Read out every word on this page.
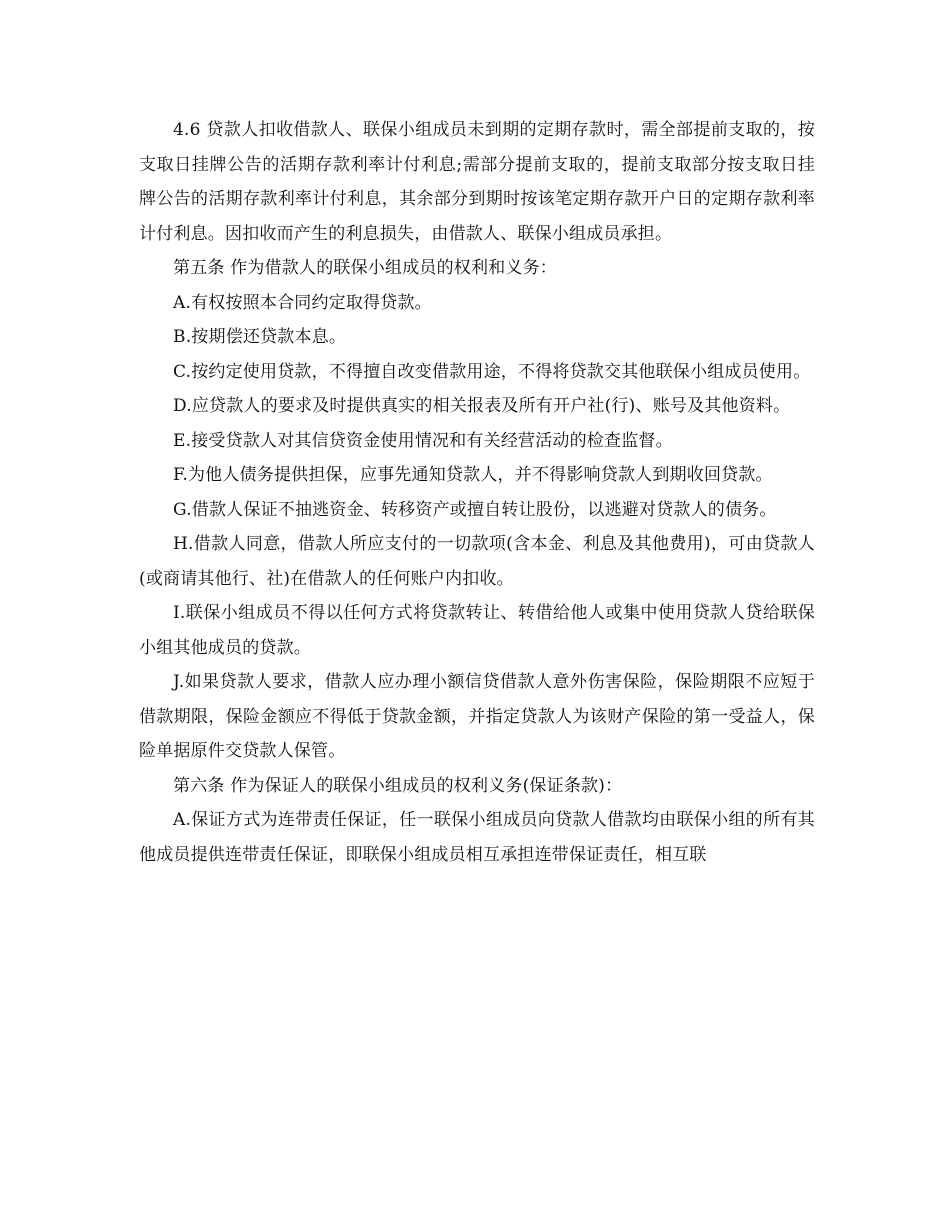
4.6 贷款人扣收借款人、联保小组成员未到期的定期存款时，需全部提前支取的，按支取日挂牌公告的活期存款利率计付利息;需部分提前支取的，提前支取部分按支取日挂牌公告的活期存款利率计付利息，其余部分到期时按该笔定期存款开户日的定期存款利率计付利息。因扣收而产生的利息损失，由借款人、联保小组成员承担。

第五条 作为借款人的联保小组成员的权利和义务：

A.有权按照本合同约定取得贷款。

B.按期偿还贷款本息。

C.按约定使用贷款，不得擅自改变借款用途，不得将贷款交其他联保小组成员使用。

D.应贷款人的要求及时提供真实的相关报表及所有开户社(行)、账号及其他资料。

E.接受贷款人对其信贷资金使用情况和有关经营活动的检查监督。

F.为他人债务提供担保，应事先通知贷款人，并不得影响贷款人到期收回贷款。

G.借款人保证不抽逃资金、转移资产或擅自转让股份，以逃避对贷款人的债务。

H.借款人同意，借款人所应支付的一切款项(含本金、利息及其他费用)，可由贷款人(或商请其他行、社)在借款人的任何账户内扣收。

I.联保小组成员不得以任何方式将贷款转让、转借给他人或集中使用贷款人贷给联保小组其他成员的贷款。

J.如果贷款人要求，借款人应办理小额信贷借款人意外伤害保险，保险期限不应短于借款期限，保险金额应不得低于贷款金额，并指定贷款人为该财产保险的第一受益人，保险单据原件交贷款人保管。

第六条 作为保证人的联保小组成员的权利义务(保证条款)：

A.保证方式为连带责任保证，任一联保小组成员向贷款人借款均由联保小组的所有其他成员提供连带责任保证，即联保小组成员相互承担连带保证责任，相互联
